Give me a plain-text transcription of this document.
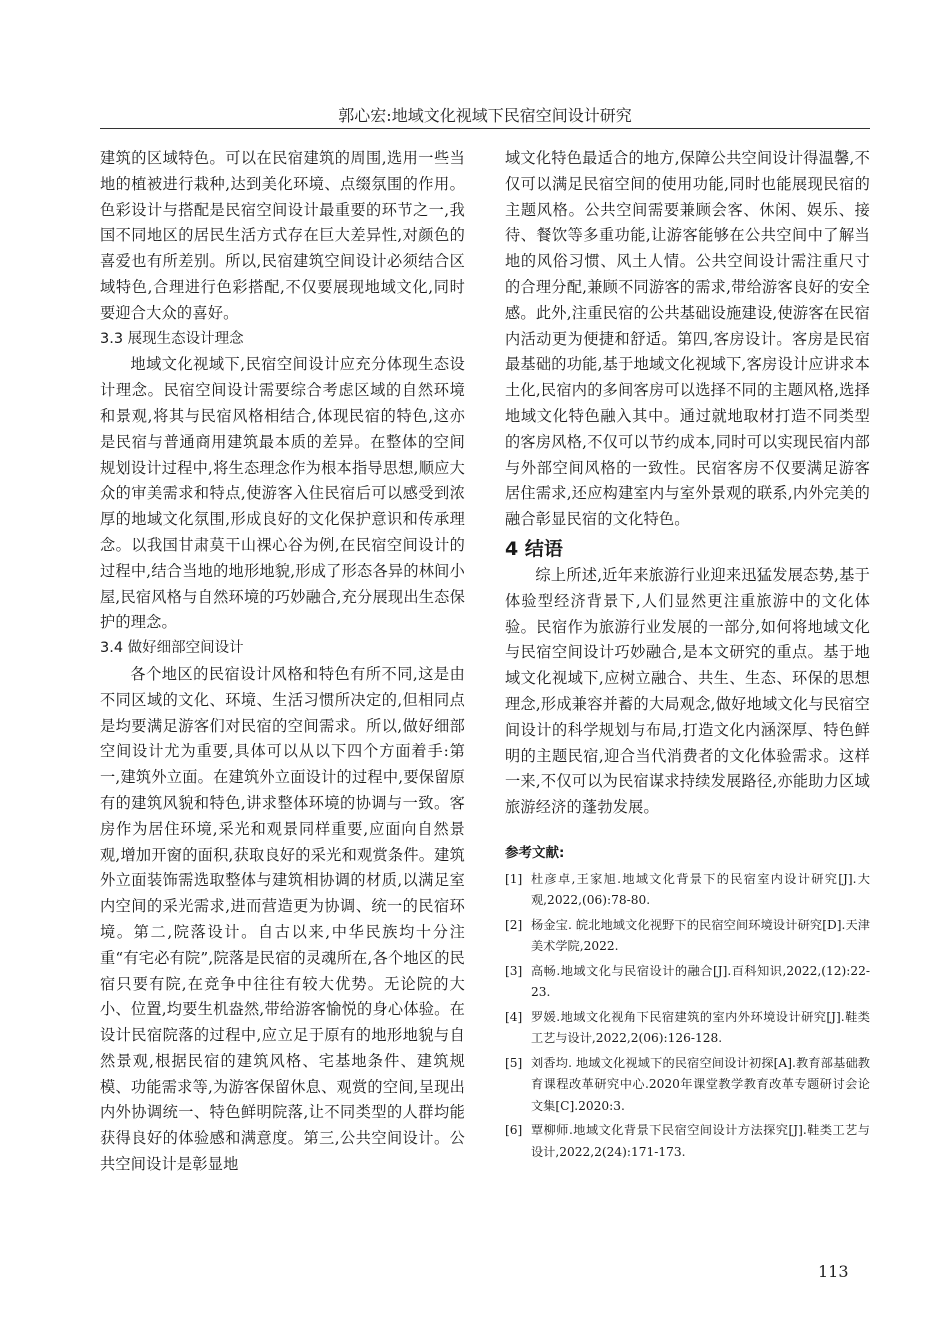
郭心宏:地域文化视域下民宿空间设计研究

建筑的区域特色。可以在民宿建筑的周围,选用一些当地的植被进行栽种,达到美化环境、点缀氛围的作用。色彩设计与搭配是民宿空间设计最重要的环节之一,我国不同地区的居民生活方式存在巨大差异性,对颜色的喜爱也有所差别。所以,民宿建筑空间设计必须结合区域特色,合理进行色彩搭配,不仅要展现地域文化,同时要迎合大众的喜好。

3.3 展现生态设计理念

地域文化视域下,民宿空间设计应充分体现生态设计理念。民宿空间设计需要综合考虑区域的自然环境和景观,将其与民宿风格相结合,体现民宿的特色,这亦是民宿与普通商用建筑最本质的差异。在整体的空间规划设计过程中,将生态理念作为根本指导思想,顺应大众的审美需求和特点,使游客入住民宿后可以感受到浓厚的地域文化氛围,形成良好的文化保护意识和传承理念。以我国甘肃莫干山裸心谷为例,在民宿空间设计的过程中,结合当地的地形地貌,形成了形态各异的林间小屋,民宿风格与自然环境的巧妙融合,充分展现出生态保护的理念。

3.4 做好细部空间设计

各个地区的民宿设计风格和特色有所不同,这是由不同区域的文化、环境、生活习惯所决定的,但相同点是均要满足游客们对民宿的空间需求。所以,做好细部空间设计尤为重要,具体可以从以下四个方面着手:第一,建筑外立面。在建筑外立面设计的过程中,要保留原有的建筑风貌和特色,讲求整体环境的协调与一致。客房作为居住环境,采光和观景同样重要,应面向自然景观,增加开窗的面积,获取良好的采光和观赏条件。建筑外立面装饰需选取整体与建筑相协调的材质,以满足室内空间的采光需求,进而营造更为协调、统一的民宿环境。第二,院落设计。自古以来,中华民族均十分注重“有宅必有院”,院落是民宿的灵魂所在,各个地区的民宿只要有院,在竞争中往往有较大优势。无论院的大小、位置,均要生机盎然,带给游客愉悦的身心体验。在设计民宿院落的过程中,应立足于原有的地形地貌与自然景观,根据民宿的建筑风格、宅基地条件、建筑规模、功能需求等,为游客保留休息、观赏的空间,呈现出内外协调统一、特色鲜明院落,让不同类型的人群均能获得良好的体验感和满意度。第三,公共空间设计。公共空间设计是彰显地

域文化特色最适合的地方,保障公共空间设计得温馨,不仅可以满足民宿空间的使用功能,同时也能展现民宿的主题风格。公共空间需要兼顾会客、休闲、娱乐、接待、餐饮等多重功能,让游客能够在公共空间中了解当地的风俗习惯、风土人情。公共空间设计需注重尺寸的合理分配,兼顾不同游客的需求,带给游客良好的安全感。此外,注重民宿的公共基础设施建设,使游客在民宿内活动更为便捷和舒适。第四,客房设计。客房是民宿最基础的功能,基于地域文化视域下,客房设计应讲求本土化,民宿内的多间客房可以选择不同的主题风格,选择地域文化特色融入其中。通过就地取材打造不同类型的客房风格,不仅可以节约成本,同时可以实现民宿内部与外部空间风格的一致性。民宿客房不仅要满足游客居住需求,还应构建室内与室外景观的联系,内外完美的融合彰显民宿的文化特色。

4 结语

综上所述,近年来旅游行业迎来迅猛发展态势,基于体验型经济背景下,人们显然更注重旅游中的文化体验。民宿作为旅游行业发展的一部分,如何将地域文化与民宿空间设计巧妙融合,是本文研究的重点。基于地域文化视域下,应树立融合、共生、生态、环保的思想理念,形成兼容并蓄的大局观念,做好地域文化与民宿空间设计的科学规划与布局,打造文化内涵深厚、特色鲜明的主题民宿,迎合当代消费者的文化体验需求。这样一来,不仅可以为民宿谋求持续发展路径,亦能助力区域旅游经济的蓬勃发展。

参考文献:
[1] 杜彦卓,王家旭.地域文化背景下的民宿室内设计研究[J].大观,2022,(06):78-80.
[2] 杨金宝. 皖北地域文化视野下的民宿空间环境设计研究[D].天津美术学院,2022.
[3] 高畅.地域文化与民宿设计的融合[J].百科知识,2022,(12):22-23.
[4] 罗媛.地域文化视角下民宿建筑的室内外环境设计研究[J].鞋类工艺与设计,2022,2(06):126-128.
[5] 刘香均. 地域文化视域下的民宿空间设计初探[A].教育部基础教育课程改革研究中心.2020年课堂教学教育改革专题研讨会论文集[C].2020:3.
[6] 覃柳师.地域文化背景下民宿空间设计方法探究[J].鞋类工艺与设计,2022,2(24):171-173.
113
